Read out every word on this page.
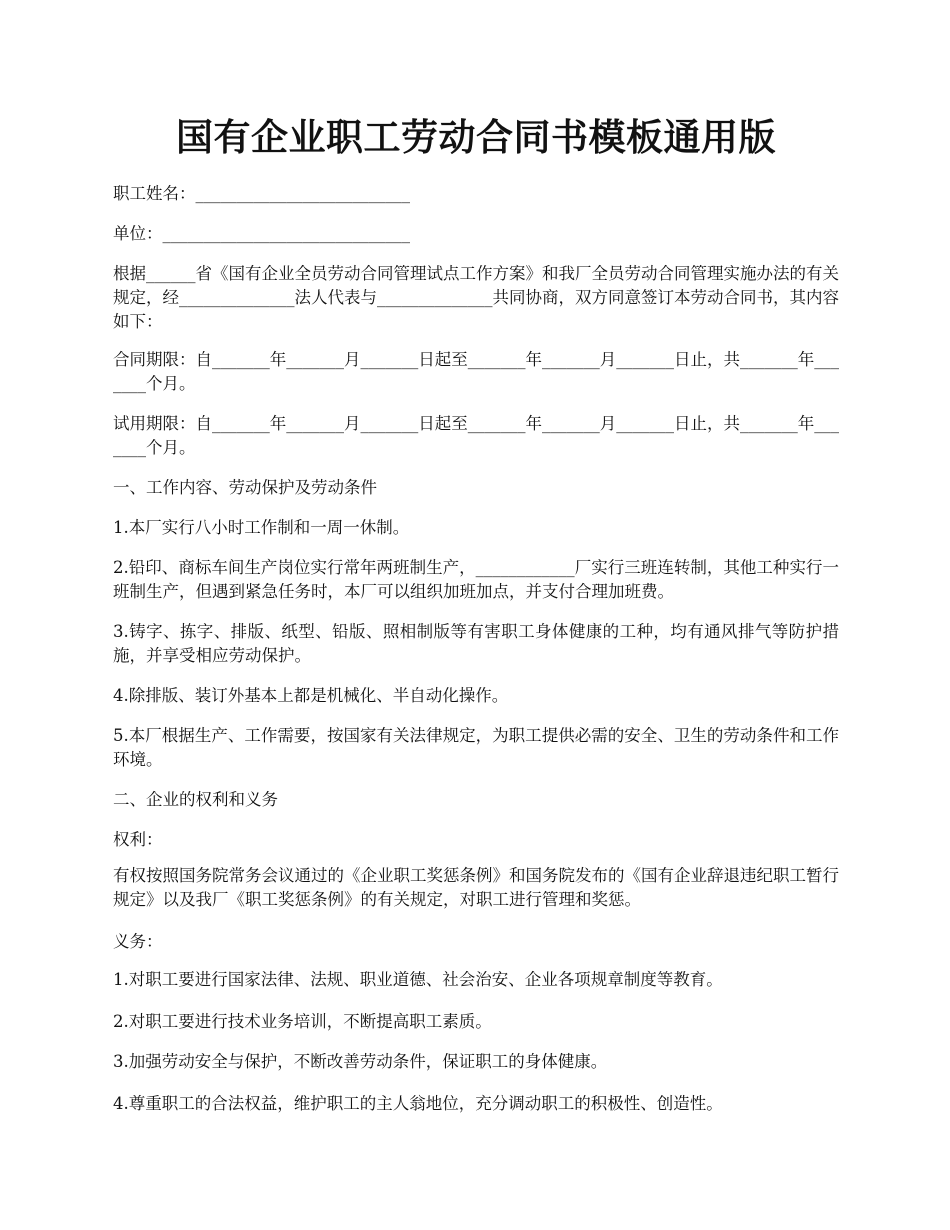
国有企业职工劳动合同书模板通用版

职工姓名：__________________________

单位：______________________________

根据______省《国有企业全员劳动合同管理试点工作方案》和我厂全员劳动合同管理实施办法的有关规定，经______________法人代表与______________共同协商，双方同意签订本劳动合同书，其内容如下：

合同期限：自_______年_______月_______日起至_______年_______月_______日止，共_______年_______个月。

试用期限：自_______年_______月_______日起至_______年_______月_______日止，共_______年_______个月。

一、工作内容、劳动保护及劳动条件

1.本厂实行八小时工作制和一周一休制。

2.铅印、商标车间生产岗位实行常年两班制生产，____________厂实行三班连转制，其他工种实行一班制生产，但遇到紧急任务时，本厂可以组织加班加点，并支付合理加班费。

3.铸字、拣字、排版、纸型、铅版、照相制版等有害职工身体健康的工种，均有通风排气等防护措施，并享受相应劳动保护。

4.除排版、装订外基本上都是机械化、半自动化操作。

5.本厂根据生产、工作需要，按国家有关法律规定，为职工提供必需的安全、卫生的劳动条件和工作环境。

二、企业的权利和义务

权利：

有权按照国务院常务会议通过的《企业职工奖惩条例》和国务院发布的《国有企业辞退违纪职工暂行规定》以及我厂《职工奖惩条例》的有关规定，对职工进行管理和奖惩。

义务：

1.对职工要进行国家法律、法规、职业道德、社会治安、企业各项规章制度等教育。

2.对职工要进行技术业务培训，不断提高职工素质。

3.加强劳动安全与保护，不断改善劳动条件，保证职工的身体健康。

4.尊重职工的合法权益，维护职工的主人翁地位，充分调动职工的积极性、创造性。
